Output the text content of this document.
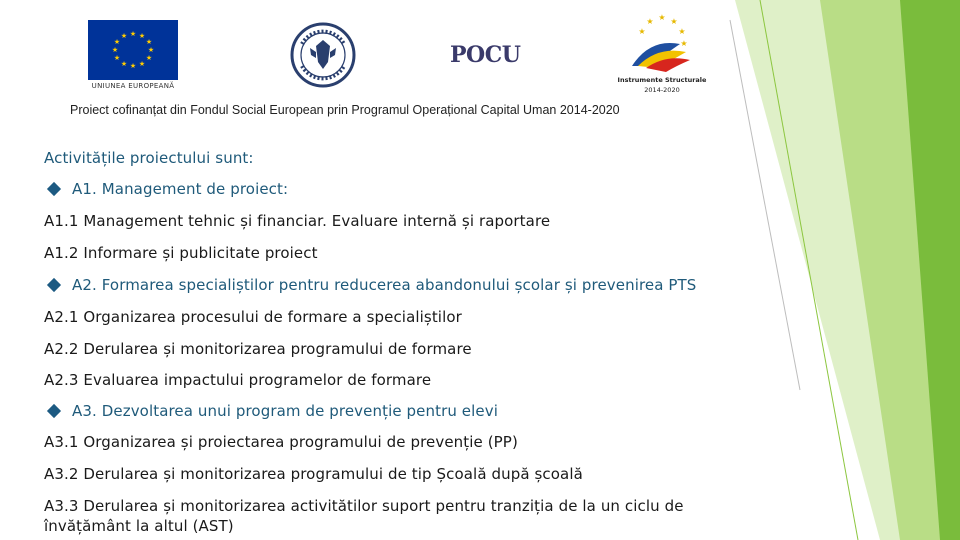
★ ★
★
★
★
★
★
★
★
★
★
★
UNIUNEA EUROPEANĂ
POCU
★ ★
★
★
★
★
Instrumente Structurale
2014-2020
Proiect cofinanțat din Fondul Social European prin Programul Operațional Capital Uman 2014-2020
Activitățile proiectului sunt:
A1. Management de proiect:
A1.1 Management tehnic și financiar. Evaluare internă și raportare
A1.2 Informare și publicitate proiect
A2. Formarea specialiștilor pentru reducerea abandonului școlar și prevenirea PTS
A2.1 Organizarea procesului de formare a specialiștilor
A2.2 Derularea și monitorizarea programului de formare
A2.3 Evaluarea impactului programelor de formare
A3. Dezvoltarea unui program de prevenție pentru elevi
A3.1 Organizarea și proiectarea programului de prevenție (PP)
A3.2 Derularea și monitorizarea programului de tip Școală după școală
A3.3 Derularea și monitorizarea activitătilor suport pentru tranziția de la un ciclu de învățământ la altul (AST)
